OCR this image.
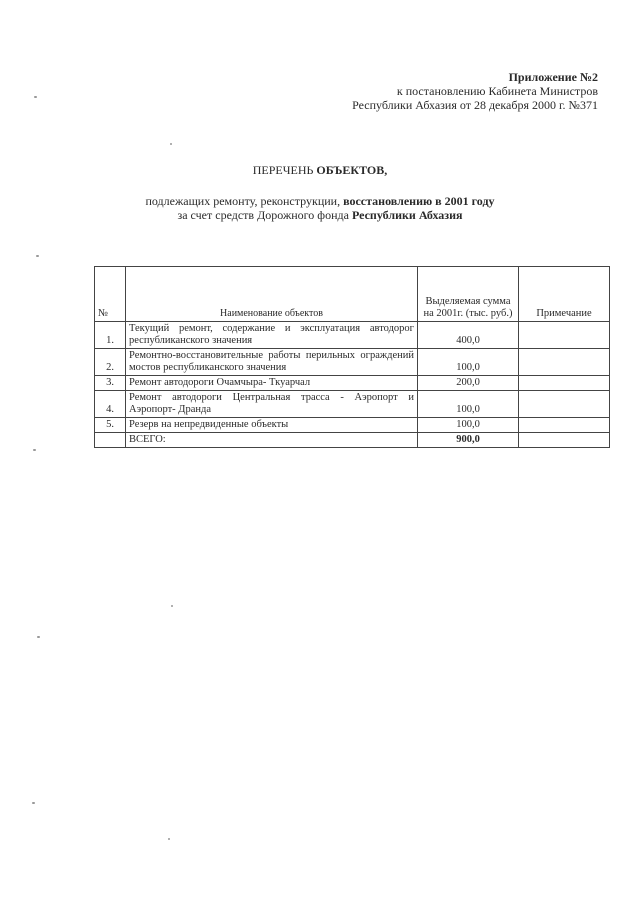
Приложение №2
к постановлению Кабинета Министров
Республики Абхазия от 28 декабря 2000 г. №371
ПЕРЕЧЕНЬ ОБЪЕКТОВ,
подлежащих ремонту, реконструкции, восстановлению в 2001 году
за счет средств Дорожного фонда Республики Абхазия
№	Наименование объектов	Выделяемая сумма на 2001г. (тыс. руб.)	Примечание
1.	Текущий ремонт, содержание и эксплуатация автодорог республиканского значения	400,0	
2.	Ремонтно-восстановительные работы перильных ограждений мостов республиканского значения	100,0	
3.	Ремонт автодороги Очамчыра- Ткуарчал	200,0	
4.	Ремонт автодороги Центральная трасса - Аэропорт и Аэропорт- Дранда	100,0	
5.	Резерв на непредвиденные объекты	100,0	
	ВСЕГО:	900,0	
